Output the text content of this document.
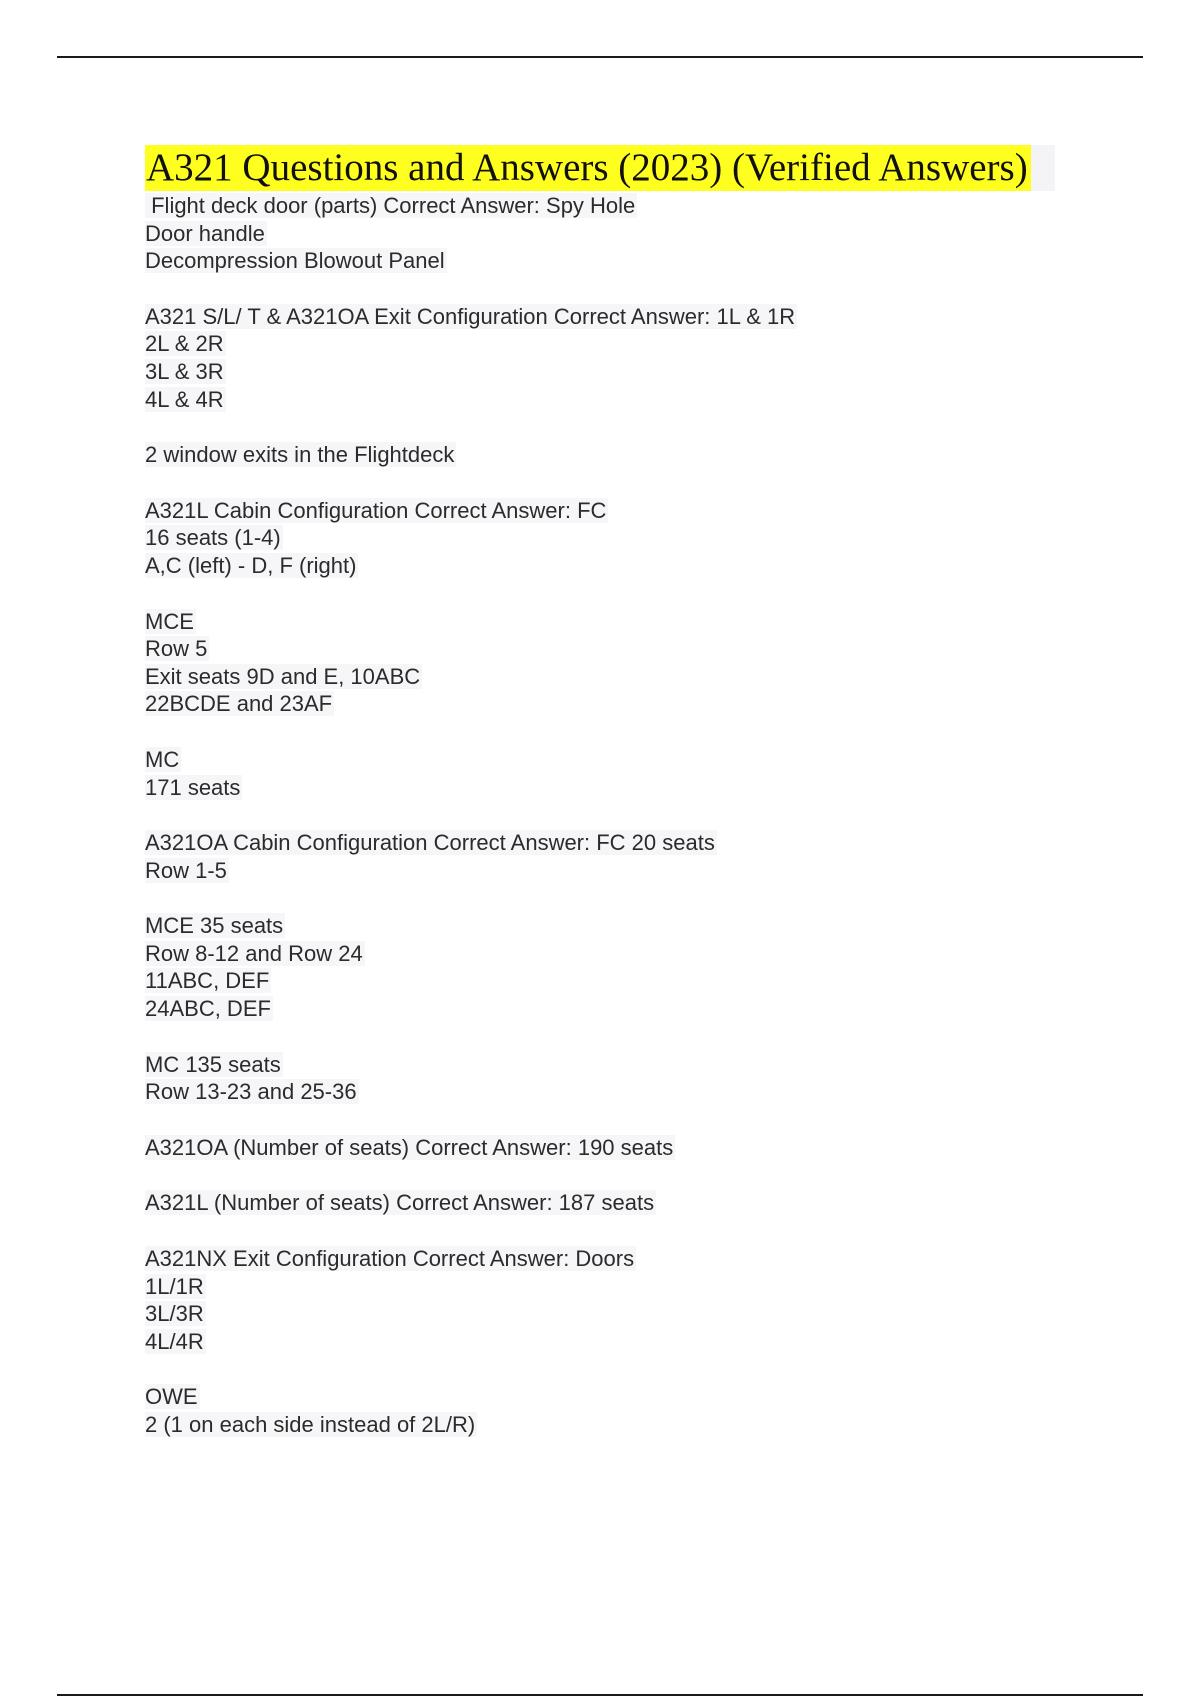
A321 Questions and Answers (2023) (Verified Answers)
Flight deck door (parts) Correct Answer: Spy Hole
Door handle
Decompression Blowout Panel
A321 S/L/ T & A321OA Exit Configuration Correct Answer: 1L & 1R
2L & 2R
3L & 3R
4L & 4R
2 window exits in the Flightdeck
A321L Cabin Configuration Correct Answer: FC
16 seats (1-4)
A,C (left) - D, F (right)
MCE
Row 5
Exit seats 9D and E, 10ABC
22BCDE and 23AF
MC
171 seats
A321OA Cabin Configuration Correct Answer: FC 20 seats
Row 1-5
MCE 35 seats
Row 8-12 and Row 24
11ABC, DEF
24ABC, DEF
MC 135 seats
Row 13-23 and 25-36
A321OA (Number of seats) Correct Answer: 190 seats
A321L (Number of seats) Correct Answer: 187 seats
A321NX Exit Configuration Correct Answer: Doors
1L/1R
3L/3R
4L/4R
OWE
2 (1 on each side instead of 2L/R)
